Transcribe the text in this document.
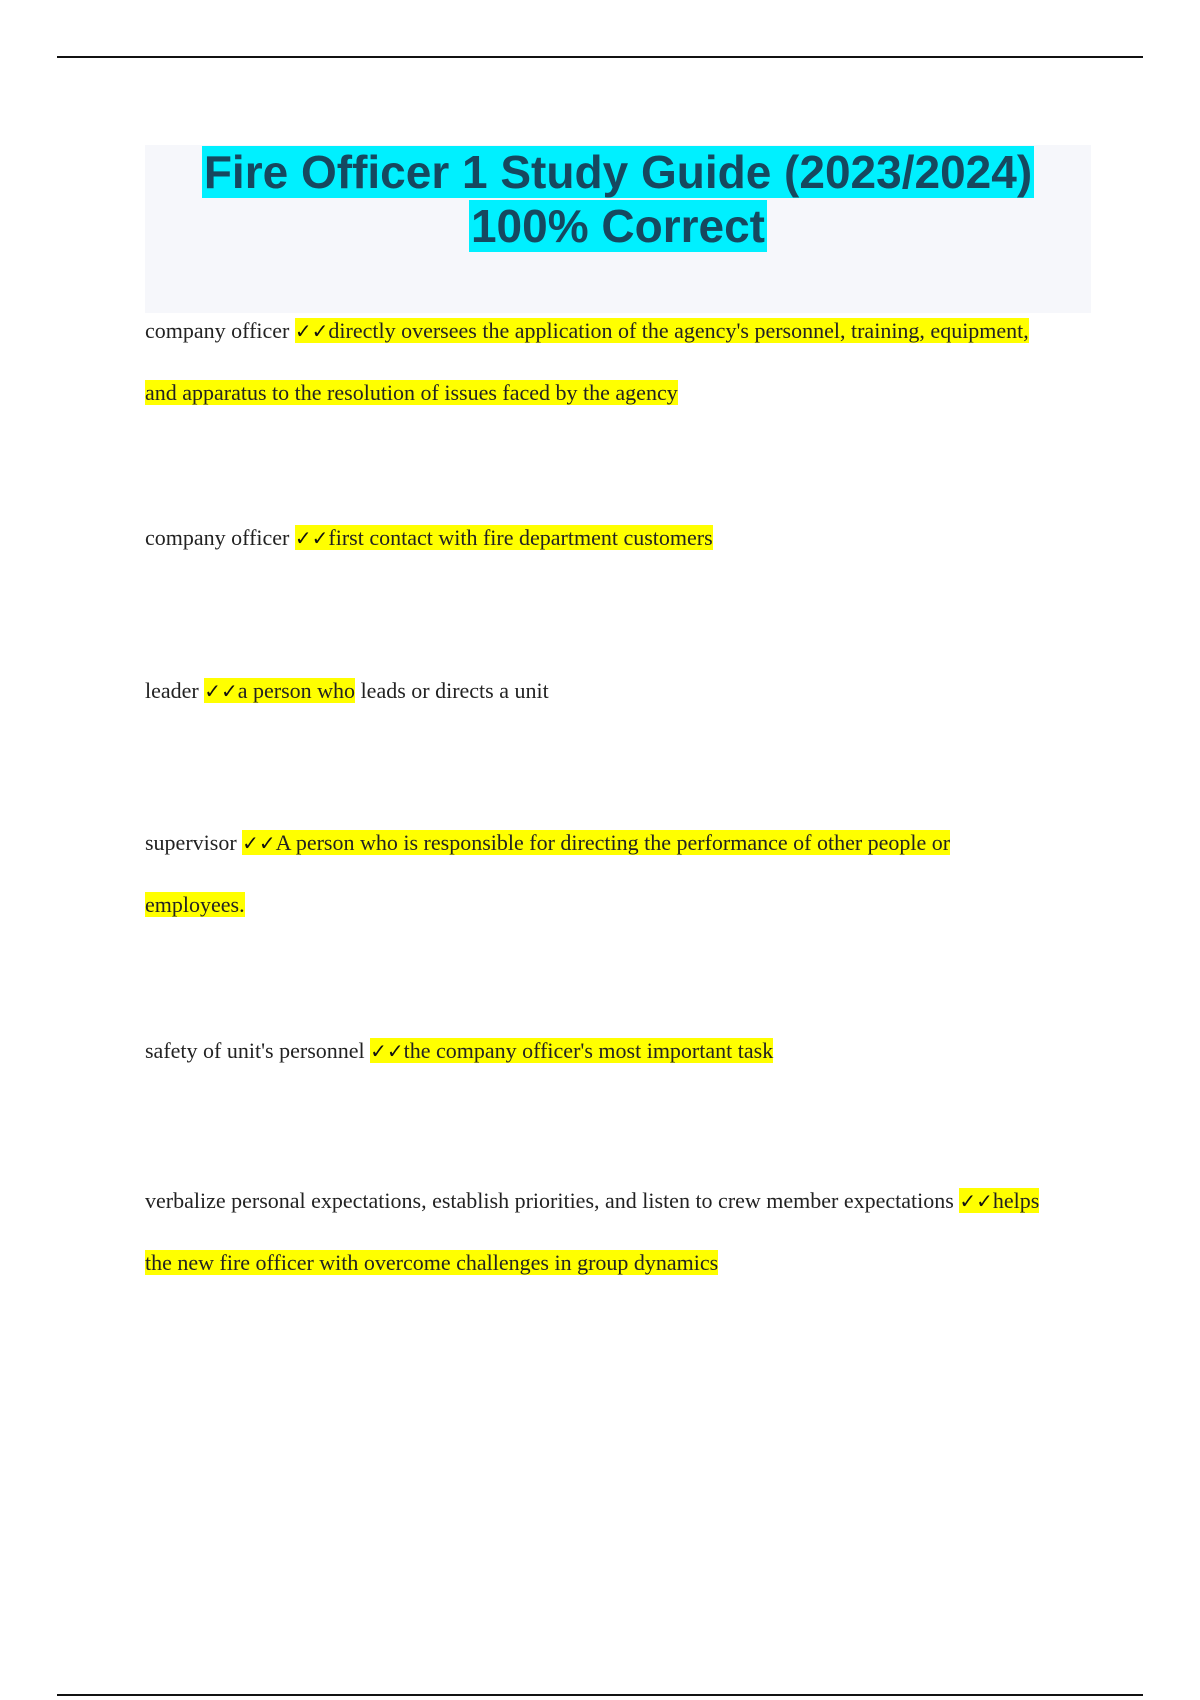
Fire Officer 1 Study Guide (2023/2024)
100% Correct
company officer ✓✓directly oversees the application of the agency's personnel, training, equipment, and apparatus to the resolution of issues faced by the agency
company officer ✓✓first contact with fire department customers
leader ✓✓a person who leads or directs a unit
supervisor ✓✓A person who is responsible for directing the performance of other people or employees.
safety of unit's personnel ✓✓the company officer's most important task
verbalize personal expectations, establish priorities, and listen to crew member expectations ✓✓helps the new fire officer with overcome challenges in group dynamics
